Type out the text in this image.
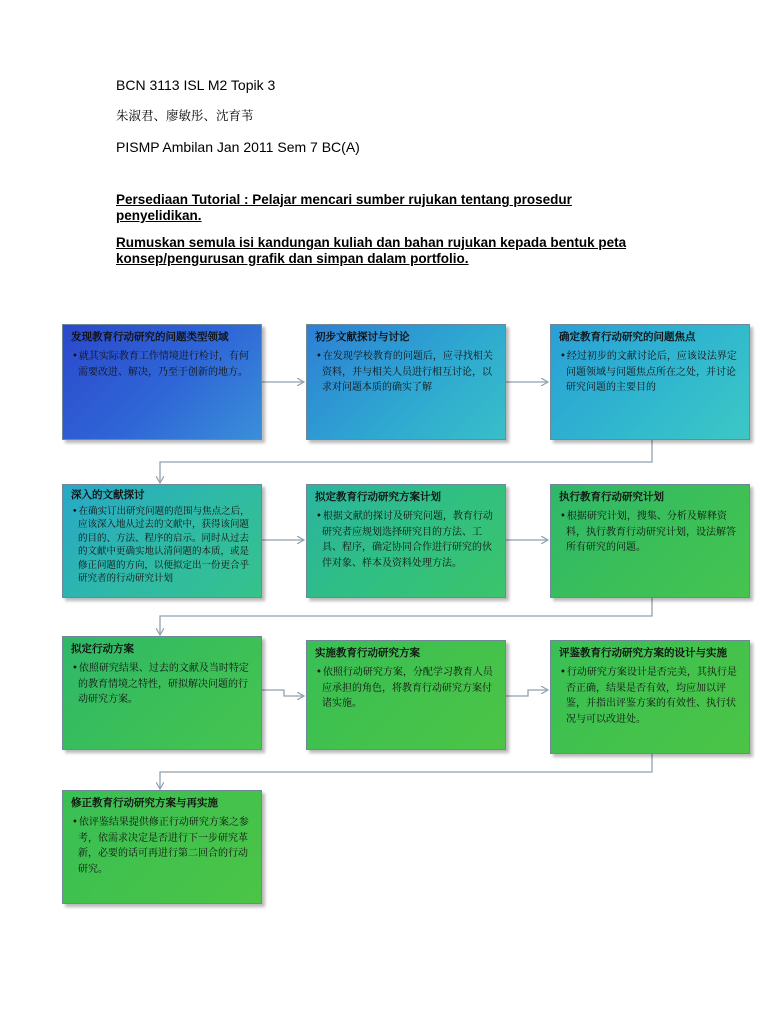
BCN 3113 ISL M2 Topik 3
朱淑君、廖敏彤、沈育苇
PISMP Ambilan Jan 2011 Sem 7 BC(A)
Persediaan Tutorial : Pelajar mencari sumber rujukan tentang prosedur penyelidikan.
Rumuskan semula isi kandungan kuliah dan bahan rujukan kepada bentuk peta konsep/pengurusan grafik dan simpan dalam portfolio.
发现教育行动研究的问题类型领域
• 就其实际教育工作情境进行检讨，有何需要改进、解决，乃至于创新的地方。
初步文献探讨与讨论
• 在发现学校教育的问题后，应寻找相关资料，并与相关人员进行相互讨论，以求对问题本质的确实了解
确定教育行动研究的问题焦点
• 经过初步的文献讨论后，应该设法界定问题领域与问题焦点所在之处，并讨论研究问题的主要目的
深入的文献探讨
• 在确实订出研究问题的范围与焦点之后，应该深入地从过去的文献中，获得该问题的目的、方法、程序的启示。同时从过去的文献中更确实地认清问题的本质，或是修正问题的方向，以便拟定出一份更合乎研究者的行动研究计划
拟定教育行动研究方案计划
• 根据文献的探讨及研究问题，教育行动研究者应规划选择研究目的方法、工具、程序，确定协同合作进行研究的伙伴对象、样本及资料处理方法。
执行教育行动研究计划
• 根据研究计划，搜集、分析及解释资料，执行教育行动研究计划，设法解答所有研究的问题。
拟定行动方案
• 依照研究结果、过去的文献及当时特定的教育情境之特性，研拟解决问题的行动研究方案。
实施教育行动研究方案
• 依照行动研究方案，分配学习教育人员应承担的角色，将教育行动研究方案付诸实施。
评鉴教育行动研究方案的设计与实施
• 行动研究方案设计是否完美，其执行是否正确，结果是否有效，均应加以评鉴，并指出评鉴方案的有效性、执行状况与可以改进处。
修正教育行动研究方案与再实施
• 依评鉴结果提供修正行动研究方案之参考，依需求决定是否进行下一步研究革新，必要的话可再进行第二回合的行动研究。
